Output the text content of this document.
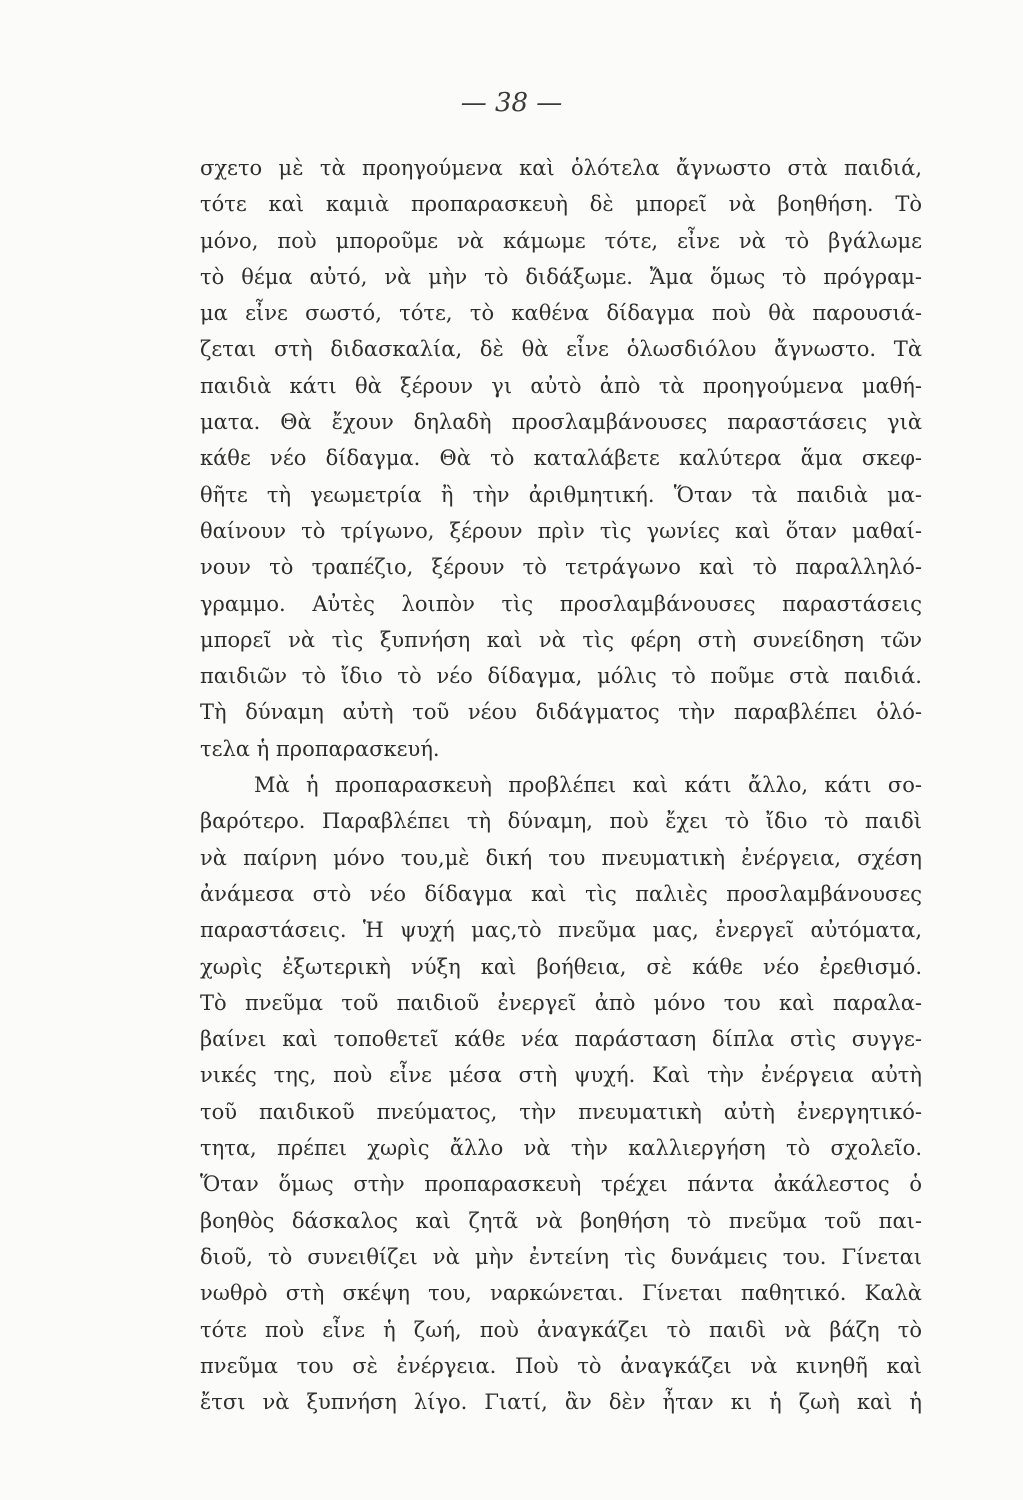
— 38 —
σχετο μὲ τὰ προηγούμενα καὶ ὁλότελα ἄγνωστο στὰ παιδιά,
τότε καὶ καμιὰ προπαρασκευὴ δὲ μπορεῖ νὰ βοηθήση. Τὸ
μόνο, ποὺ μποροῦμε νὰ κάμωμε τότε, εἶνε νὰ τὸ βγάλωμε
τὸ θέμα αὐτό, νὰ μὴν τὸ διδάξωμε. Ἄμα ὅμως τὸ πρόγραμ-
μα εἶνε σωστό, τότε, τὸ καθένα δίδαγμα ποὺ θὰ παρουσιά-
ζεται στὴ διδασκαλία, δὲ θὰ εἶνε ὁλωσδιόλου ἄγνωστο. Τὰ
παιδιὰ κάτι θὰ ξέρουν γι αὐτὸ ἀπὸ τὰ προηγούμενα μαθή-
ματα. Θὰ ἔχουν δηλαδὴ προσλαμβάνουσες παραστάσεις γιὰ
κάθε νέο δίδαγμα. Θὰ τὸ καταλάβετε καλύτερα ἅμα σκεφ-
θῆτε τὴ γεωμετρία ἢ τὴν ἀριθμητική. Ὅταν τὰ παιδιὰ μα-
θαίνουν τὸ τρίγωνο, ξέρουν πρὶν τὶς γωνίες καὶ ὅταν μαθαί-
νουν τὸ τραπέζιο, ξέρουν τὸ τετράγωνο καὶ τὸ παραλληλό-
γραμμο. Αὐτὲς λοιπὸν τὶς προσλαμβάνουσες παραστάσεις
μπορεῖ νὰ τὶς ξυπνήση καὶ νὰ τὶς φέρη στὴ συνείδηση τῶν
παιδιῶν τὸ ἴδιο τὸ νέο δίδαγμα, μόλις τὸ ποῦμε στὰ παιδιά.
Τὴ δύναμη αὐτὴ τοῦ νέου διδάγματος τὴν παραβλέπει ὁλό-
τελα ἡ προπαρασκευή.
Μὰ ἡ προπαρασκευὴ προβλέπει καὶ κάτι ἄλλο, κάτι σο-
βαρότερο. Παραβλέπει τὴ δύναμη, ποὺ ἔχει τὸ ἴδιο τὸ παιδὶ
νὰ παίρνη μόνο του,μὲ δική του πνευματικὴ ἐνέργεια, σχέση
ἀνάμεσα στὸ νέο δίδαγμα καὶ τὶς παλιὲς προσλαμβάνουσες
παραστάσεις. Ἡ ψυχή μας,τὸ πνεῦμα μας, ἐνεργεῖ αὐτόματα,
χωρὶς ἐξωτερικὴ νύξη καὶ βοήθεια, σὲ κάθε νέο ἐρεθισμό.
Τὸ πνεῦμα τοῦ παιδιοῦ ἐνεργεῖ ἀπὸ μόνο του καὶ παραλα-
βαίνει καὶ τοποθετεῖ κάθε νέα παράσταση δίπλα στὶς συγγε-
νικές της, ποὺ εἶνε μέσα στὴ ψυχή. Καὶ τὴν ἐνέργεια αὐτὴ
τοῦ παιδικοῦ πνεύματος, τὴν πνευματικὴ αὐτὴ ἐνεργητικό-
τητα, πρέπει χωρὶς ἄλλο νὰ τὴν καλλιεργήση τὸ σχολεῖο.
Ὅταν ὅμως στὴν προπαρασκευὴ τρέχει πάντα ἀκάλεστος ὁ
βοηθὸς δάσκαλος καὶ ζητᾶ νὰ βοηθήση τὸ πνεῦμα τοῦ παι-
διοῦ, τὸ συνειθίζει νὰ μὴν ἐντείνη τὶς δυνάμεις του. Γίνεται
νωθρὸ στὴ σκέψη του, ναρκώνεται. Γίνεται παθητικό. Καλὰ
τότε ποὺ εἶνε ἡ ζωή, ποὺ ἀναγκάζει τὸ παιδὶ νὰ βάζη τὸ
πνεῦμα του σὲ ἐνέργεια. Ποὺ τὸ ἀναγκάζει νὰ κινηθῆ καὶ
ἔτσι νὰ ξυπνήση λίγο. Γιατί, ἂν δὲν ἦταν κι ἡ ζωὴ καὶ ἡ
